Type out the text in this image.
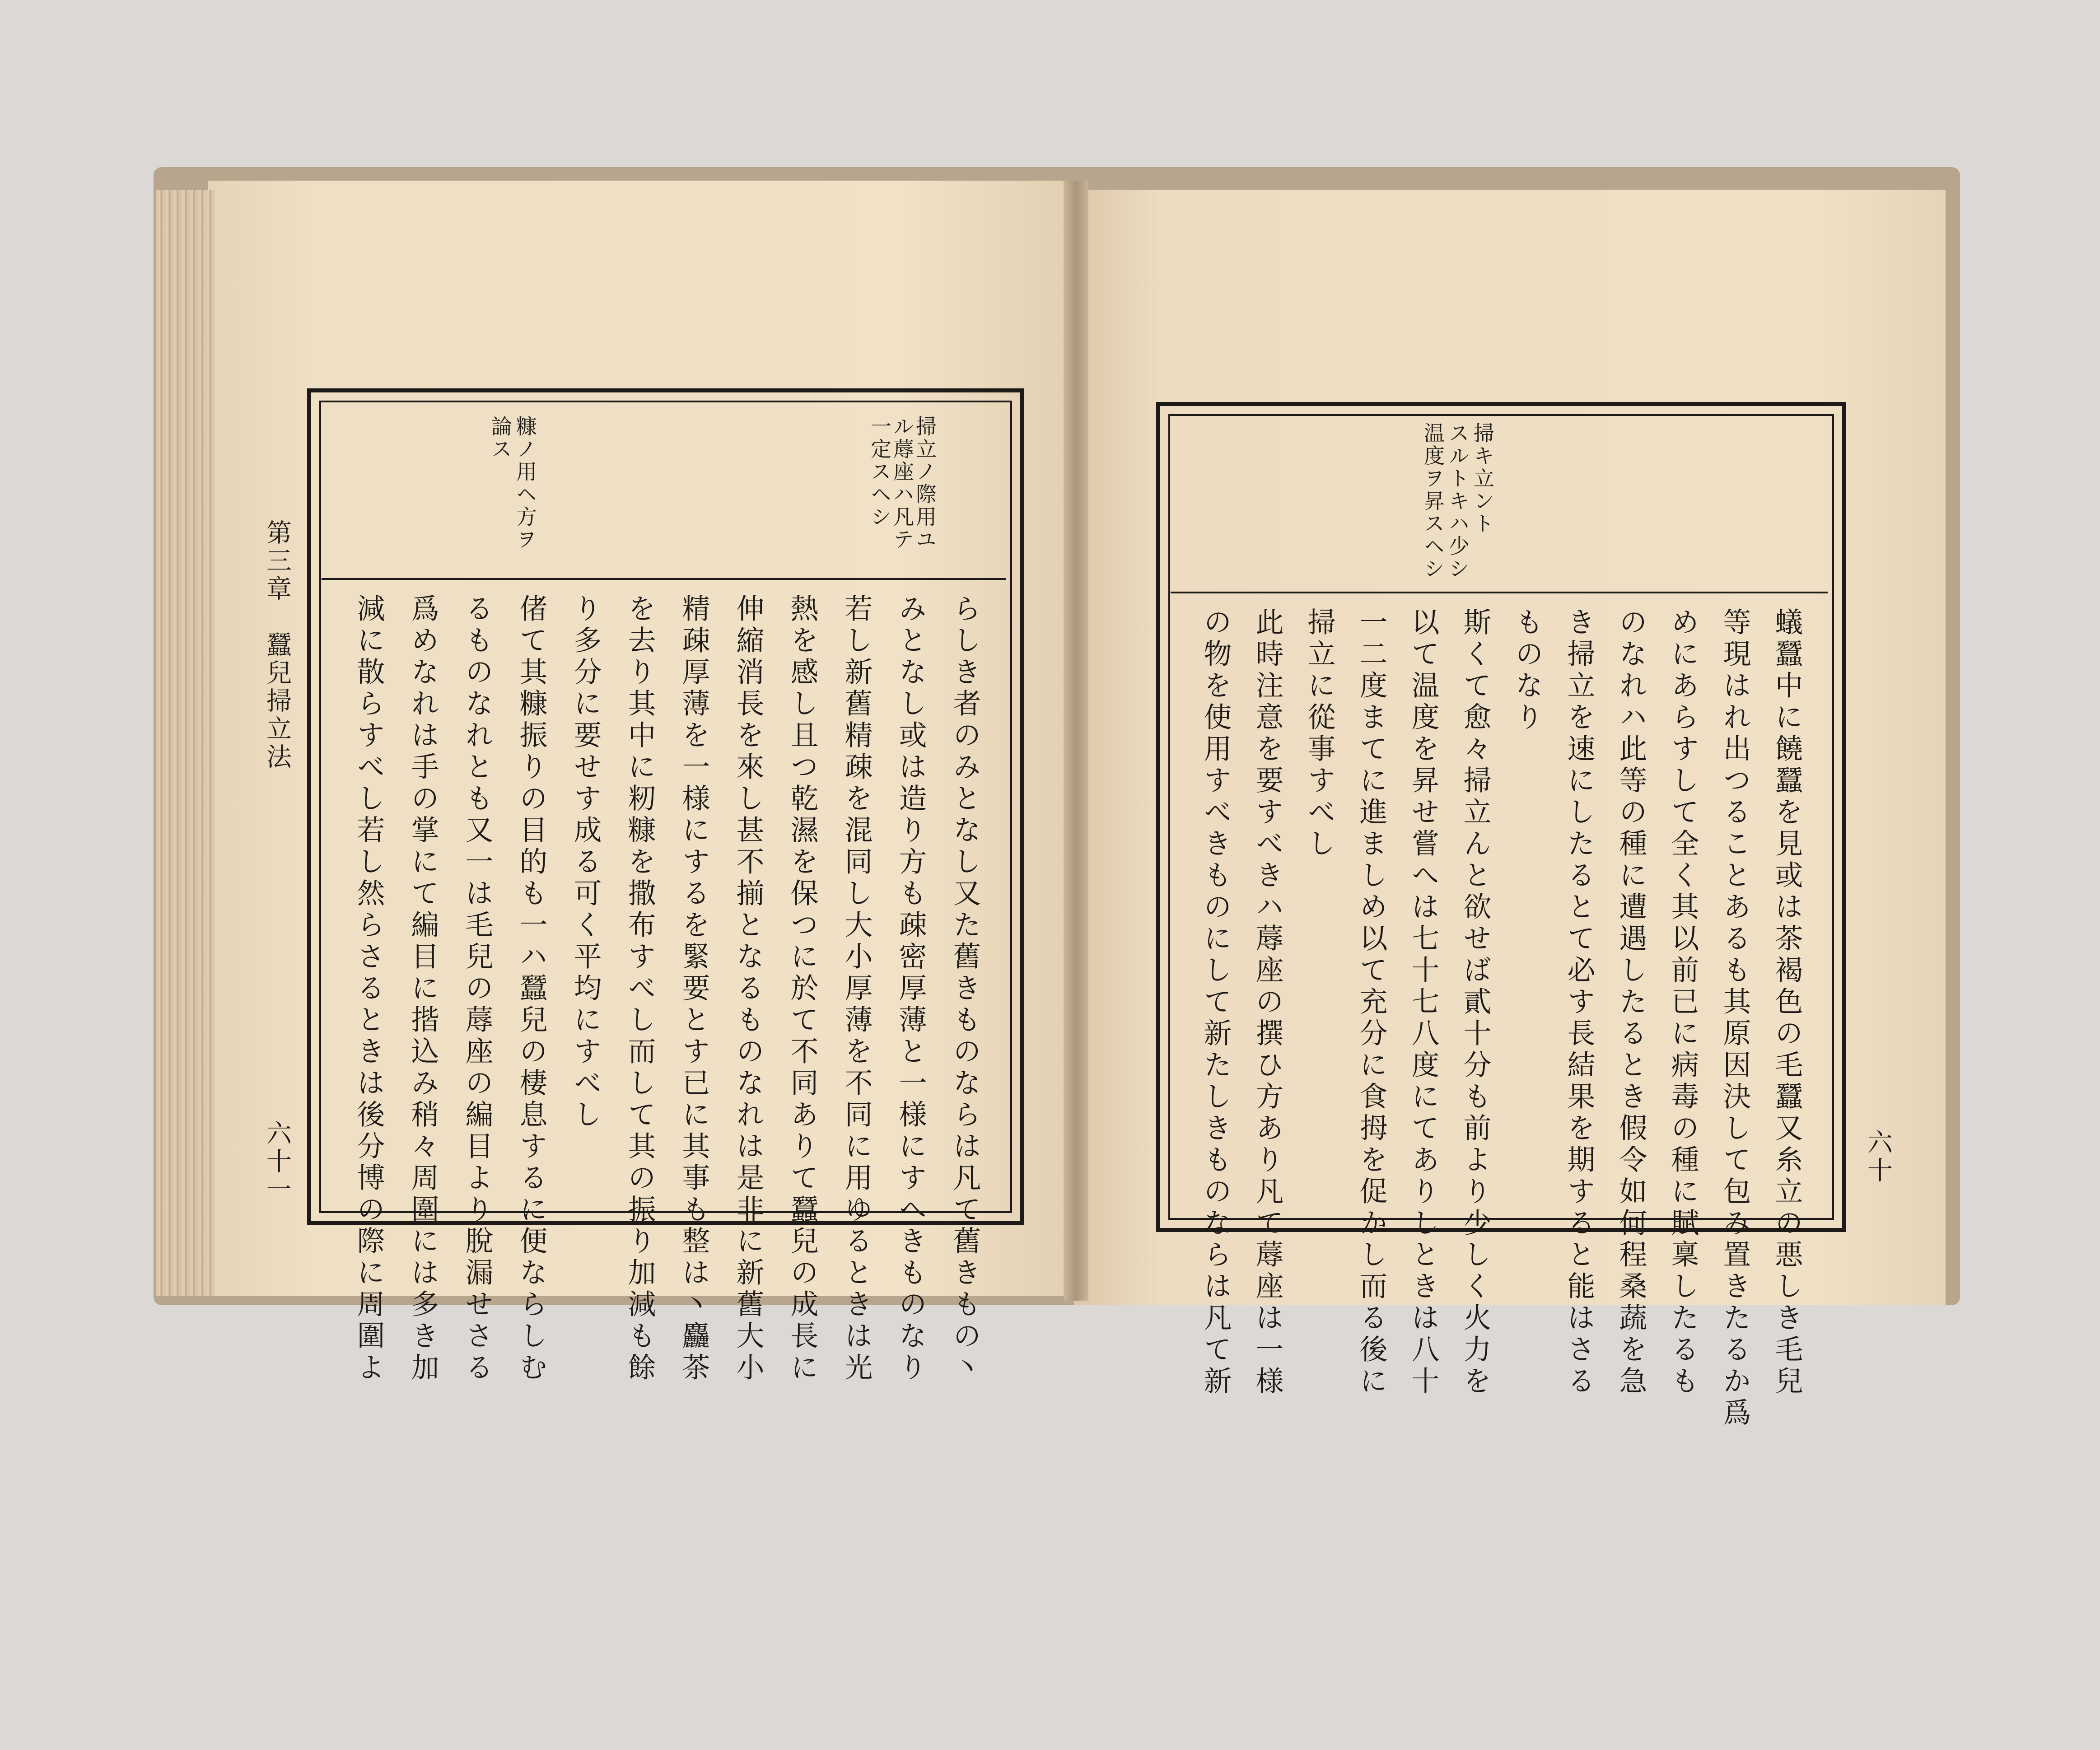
第三章　蠶兒掃立法
六十一
掃立ノ際用ユ
ル蓐座ハ凡テ
一定スヘシ
糠ノ用ヘ方ヲ
論ス
らしき者のみとなし又た舊きものならは凡て舊きもの丶
みとなし或は造り方も疎密厚薄と一様にすへきものなり
若し新舊精疎を混同し大小厚薄を不同に用ゆるときは光
熱を感し且つ乾濕を保つに於て不同ありて蠶兒の成長に
伸縮消長を來し甚不揃となるものなれは是非に新舊大小
精疎厚薄を一様にするを緊要とす已に其事も整は丶麤茶
を去り其中に籾糠を撒布すべし而して其の振り加減も餘
り多分に要せす成る可く平均にすべし
偖て其糠振りの目的も一ハ蠶兒の棲息するに便ならしむ
るものなれとも又一は毛兒の蓐座の編目より脫漏せさる
爲めなれは手の掌にて編目に揩込み稍々周圍には多き加
減に散らすべし若し然らさるときは後分博の際に周圍よ	六十
掃キ立ント
スルトキハ少シ
温度ヲ昇スヘシ
蟻蠶中に饒蠶を見或は茶褐色の毛蠶又糸立の悪しき毛兒
等現はれ出つることあるも其原因決して包み置きたるか爲
めにあらすして全く其以前已に病毒の種に賦稟したるも
のなれハ此等の種に遭遇したるとき假令如何程桑蔬を急
き掃立を速にしたるとて必す長結果を期すると能はさる
ものなり
斯くて愈々掃立んと欲せば貳十分も前より少しく火力を
以て温度を昇せ嘗へは七十七八度にてありしときは八十
一二度まてに進ましめ以て充分に食拇を促かし而る後に
掃立に從事すべし
此時注意を要すべきハ蓐座の撰ひ方あり凡て蓐座は一様
の物を使用すべきものにして新たしきものならは凡て新
